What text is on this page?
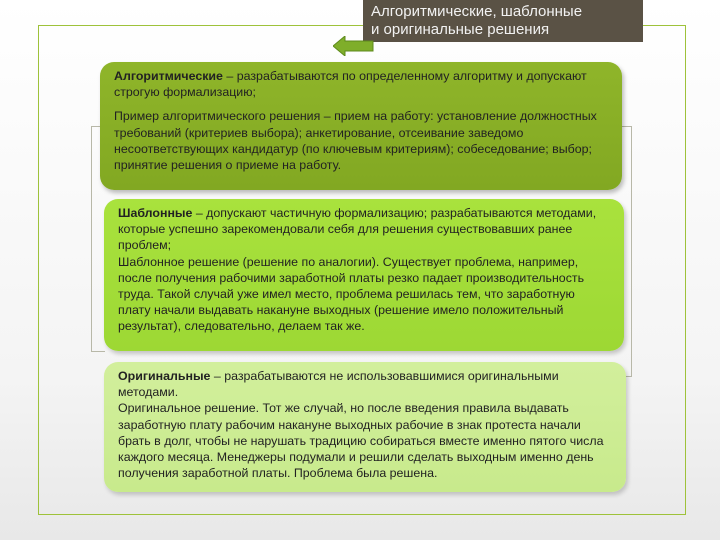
Алгоритмические, шаблонные
и оригинальные решения

Алгоритмические – разрабатываются по определенному алгоритму и допускают строгую формализацию;

Пример алгоритмического решения – прием на работу: установление должностных требований (критериев выбора); анкетирование, отсеивание заведомо несоответствующих кандидатур (по ключевым критериям); собеседование; выбор; принятие решения о приеме на работу.

Шаблонные – допускают частичную формализацию; разрабатываются методами, которые успешно зарекомендовали себя для решения существовавших ранее проблем;

Шаблонное решение (решение по аналогии). Существует проблема, например, после получения рабочими заработной платы резко падает производительность труда. Такой случай уже имел место, проблема решилась тем, что заработную плату начали выдавать накануне выходных (решение имело положительный результат), следовательно, делаем так же.

Оригинальные – разрабатываются не использовавшимися оригинальными методами.

Оригинальное решение. Тот же случай, но после введения правила выдавать заработную плату рабочим накануне выходных рабочие в знак протеста начали брать в долг, чтобы не нарушать традицию собираться вместе именно пятого числа каждого месяца. Менеджеры подумали и решили сделать выходным именно день получения заработной платы. Проблема была решена.
